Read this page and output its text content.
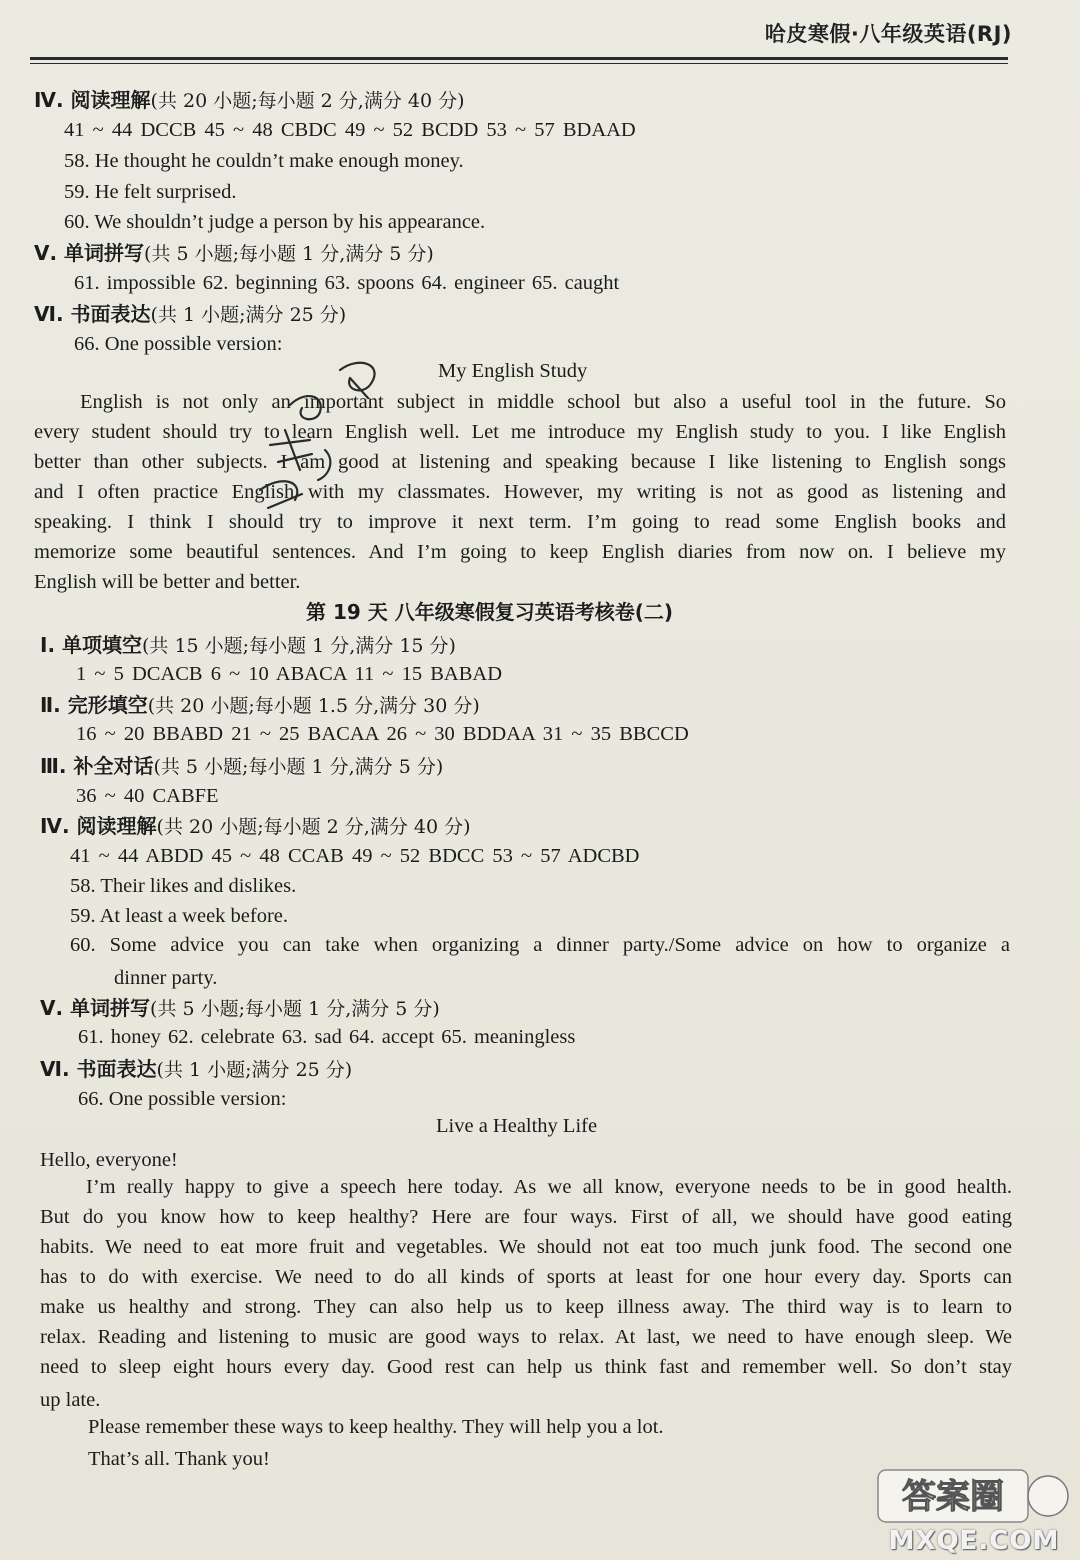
哈皮寒假·八年级英语(RJ)
Ⅳ. 阅读理解(共 20 小题;每小题 2 分,满分 40 分)
41 ~ 44 DCCB 45 ~ 48 CBDC 49 ~ 52 BCDD 53 ~ 57 BDAAD
58. He thought he couldn’t make enough money.
59. He felt surprised.
60. We shouldn’t judge a person by his appearance.
Ⅴ. 单词拼写(共 5 小题;每小题 1 分,满分 5 分)
61. impossible 62. beginning 63. spoons 64. engineer 65. caught
Ⅵ. 书面表达(共 1 小题;满分 25 分)
66. One possible version:
My English Study
English is not only an important subject in middle school but also a useful tool in the future. So
every student should try to learn English well. Let me introduce my English study to you. I like English
better than other subjects. I am good at listening and speaking because I like listening to English songs
and I often practice English with my classmates. However, my writing is not as good as listening and
speaking. I think I should try to improve it next term. I’m going to read some English books and
memorize some beautiful sentences. And I’m going to keep English diaries from now on. I believe my
English will be better and better.
第 19 天 八年级寒假复习英语考核卷(二)
Ⅰ. 单项填空(共 15 小题;每小题 1 分,满分 15 分)
1 ~ 5 DCACB 6 ~ 10 ABACA 11 ~ 15 BABAD
Ⅱ. 完形填空(共 20 小题;每小题 1.5 分,满分 30 分)
16 ~ 20 BBABD 21 ~ 25 BACAA 26 ~ 30 BDDAA 31 ~ 35 BBCCD
Ⅲ. 补全对话(共 5 小题;每小题 1 分,满分 5 分)
36 ~ 40 CABFE
Ⅳ. 阅读理解(共 20 小题;每小题 2 分,满分 40 分)
41 ~ 44 ABDD 45 ~ 48 CCAB 49 ~ 52 BDCC 53 ~ 57 ADCBD
58. Their likes and dislikes.
59. At least a week before.
60. Some advice you can take when organizing a dinner party./Some advice on how to organize a
dinner party.
Ⅴ. 单词拼写(共 5 小题;每小题 1 分,满分 5 分)
61. honey 62. celebrate 63. sad 64. accept 65. meaningless
Ⅵ. 书面表达(共 1 小题;满分 25 分)
66. One possible version:
Live a Healthy Life
Hello, everyone!
I’m really happy to give a speech here today. As we all know, everyone needs to be in good health.
But do you know how to keep healthy? Here are four ways. First of all, we should have good eating
habits. We need to eat more fruit and vegetables. We should not eat too much junk food. The second one
has to do with exercise. We need to do all kinds of sports at least for one hour every day. Sports can
make us healthy and strong. They can also help us to keep illness away. The third way is to learn to
relax. Reading and listening to music are good ways to relax. At last, we need to have enough sleep. We
need to sleep eight hours every day. Good rest can help us think fast and remember well. So don’t stay
up late.
Please remember these ways to keep healthy. They will help you a lot.
That’s all. Thank you!
答案圈
MXQE.COM
